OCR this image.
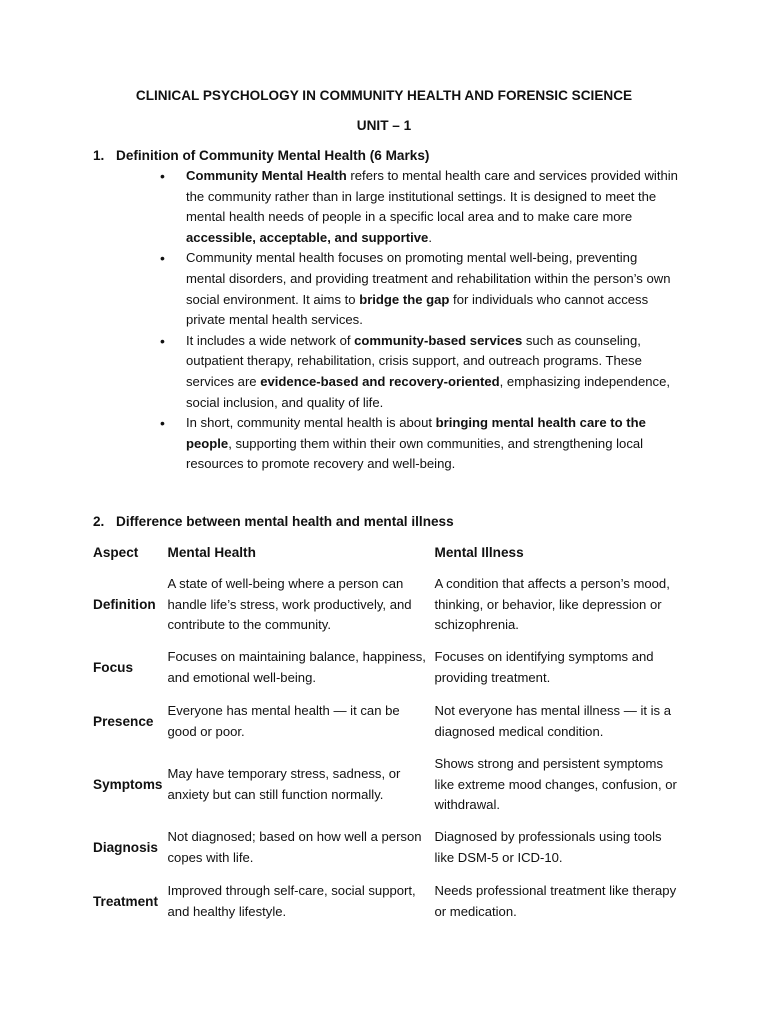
CLINICAL PSYCHOLOGY IN COMMUNITY HEALTH AND FORENSIC SCIENCE
UNIT – 1
1. Definition of Community Mental Health (6 Marks)
• Community Mental Health refers to mental health care and services provided within the community rather than in large institutional settings. It is designed to meet the mental health needs of people in a specific local area and to make care more accessible, acceptable, and supportive.
• Community mental health focuses on promoting mental well-being, preventing mental disorders, and providing treatment and rehabilitation within the person’s own social environment. It aims to bridge the gap for individuals who cannot access private mental health services.
• It includes a wide network of community-based services such as counseling, outpatient therapy, rehabilitation, crisis support, and outreach programs. These services are evidence-based and recovery-oriented, emphasizing independence, social inclusion, and quality of life.
• In short, community mental health is about bringing mental health care to the people, supporting them within their own communities, and strengthening local resources to promote recovery and well-being.
2. Difference between mental health and mental illness
Aspect	Mental Health	Mental Illness
Definition	A state of well-being where a person can handle life’s stress, work productively, and contribute to the community.	A condition that affects a person’s mood, thinking, or behavior, like depression or schizophrenia.
Focus	Focuses on maintaining balance, happiness, and emotional well-being.	Focuses on identifying symptoms and providing treatment.
Presence	Everyone has mental health — it can be good or poor.	Not everyone has mental illness — it is a diagnosed medical condition.
Symptoms	May have temporary stress, sadness, or anxiety but can still function normally.	Shows strong and persistent symptoms like extreme mood changes, confusion, or withdrawal.
Diagnosis	Not diagnosed; based on how well a person copes with life.	Diagnosed by professionals using tools like DSM-5 or ICD-10.
Treatment	Improved through self-care, social support, and healthy lifestyle.	Needs professional treatment like therapy or medication.
